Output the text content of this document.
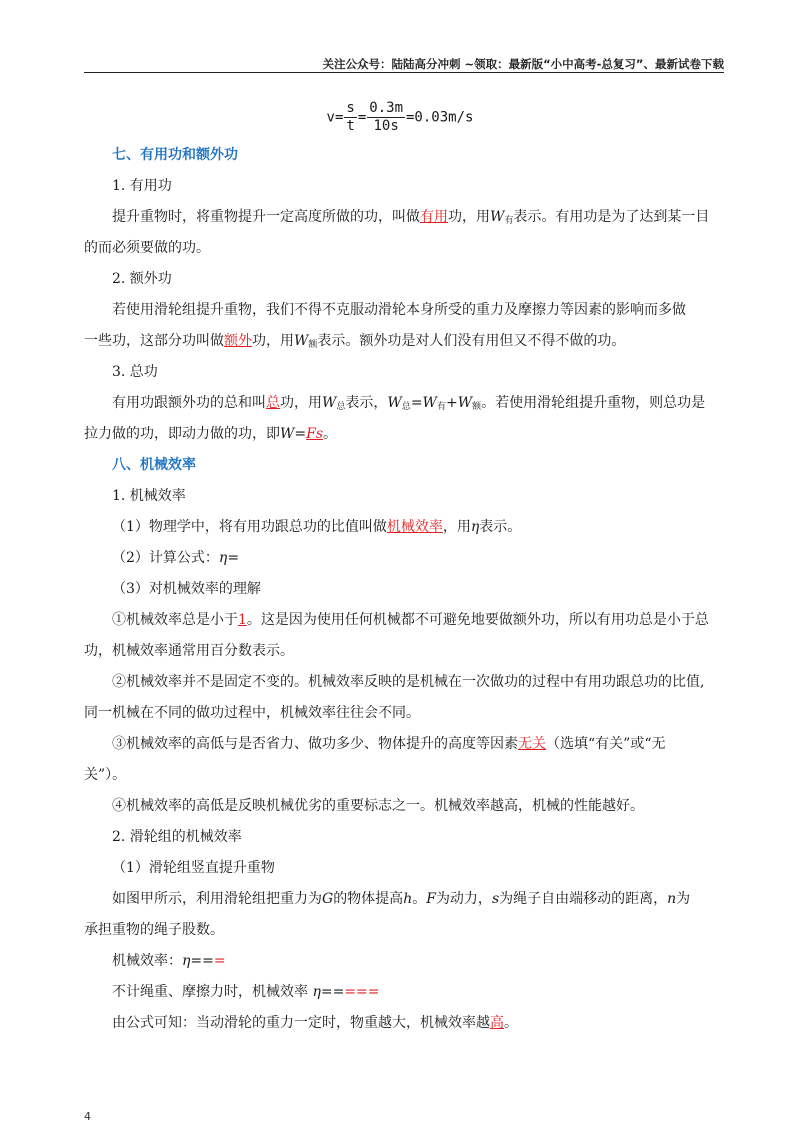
关注公众号：陆陆高分冲刺 ~领取：最新版“小中高考-总复习”、最新试卷下载
$v= \frac{s}{t} = \frac{0.3m}{10s} =0.03m/s$
七、有用功和额外功
1. 有用功
提升重物时，将重物提升一定高度所做的功，叫做有用功，用$W_有$表示。有用功是为了达到某一目
的而必须要做的功。
2. 额外功
若使用滑轮组提升重物，我们不得不克服动滑轮本身所受的重力及摩擦力等因素的影响而多做
一些功，这部分功叫做额外功，用$W_额$表示。额外功是对人们没有用但又不得不做的功。
3. 总功
有用功跟额外功的总和叫总功，用$W_总$表示，$W_总=W_有+W_额$。若使用滑轮组提升重物，则总功是
拉力做的功，即动力做的功，即W=Fs。
八、机械效率
1. 机械效率
（1）物理学中，将有用功跟总功的比值叫做机械效率，用η表示。
（2）计算公式：η=
（3）对机械效率的理解
①机械效率总是小于1。这是因为使用任何机械都不可避免地要做额外功，所以有用功总是小于总
功，机械效率通常用百分数表示。
②机械效率并不是固定不变的。机械效率反映的是机械在一次做功的过程中有用功跟总功的比值,
同一机械在不同的做功过程中，机械效率往往会不同。
③机械效率的高低与是否省力、做功多少、物体提升的高度等因素无关（选填“有关”或“无
关”）。
④机械效率的高低是反映机械优劣的重要标志之一。机械效率越高，机械的性能越好。
2. 滑轮组的机械效率
（1）滑轮组竖直提升重物
如图甲所示，利用滑轮组把重力为G的物体提高h。F为动力，s为绳子自由端移动的距离，n为
承担重物的绳子股数。
机械效率：η===
不计绳重、摩擦力时，机械效率 η=====
由公式可知：当动滑轮的重力一定时，物重越大，机械效率越高。
4
